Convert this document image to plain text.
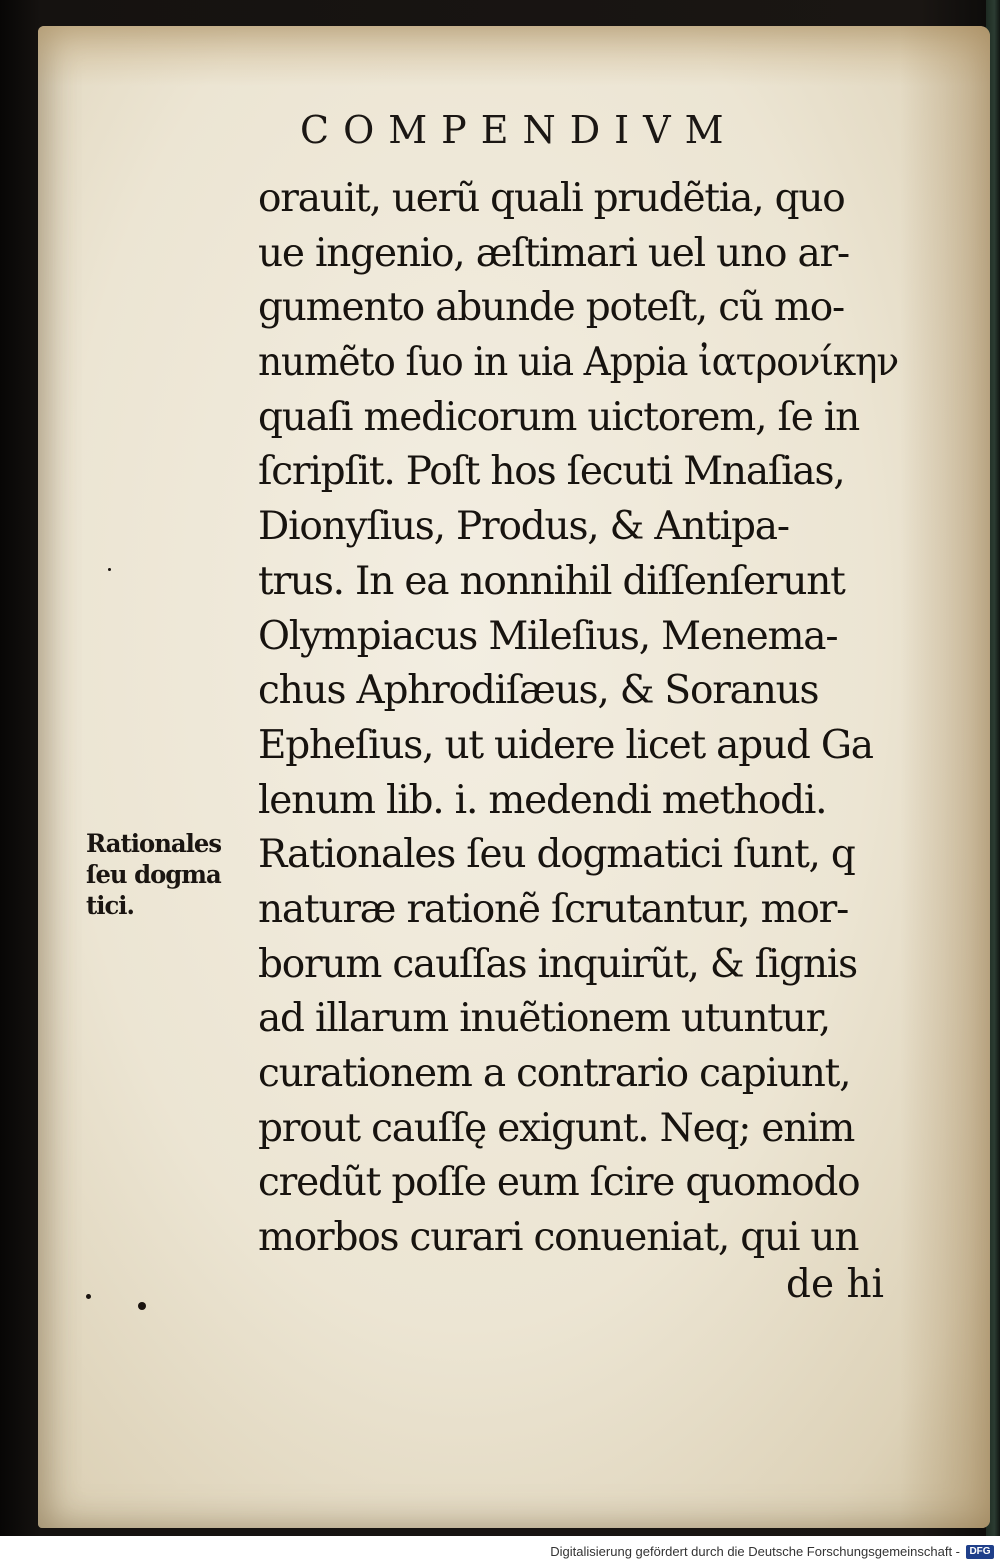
COMPENDIVM
orauit, uerũ quali prudẽtia, quo
ue ingenio, æſtimari uel uno ar-
gumento abunde poteſt, cũ mo-
numẽto ſuo in uia Appia ἰατρονίκην
quaſi medicorum uictorem, ſe in
ſcripſit. Poſt hos ſecuti Mnaſias,
Dionyſius, Produs, & Antipa-
trus. In ea nonnihil diſſenſerunt
Olympiacus Mileſius, Menema-
chus Aphrodiſæus, & Soranus
Epheſius, ut uidere licet apud Ga
lenum lib. i. medendi methodi.
Rationales ſeu dogmatici ſunt, q
naturæ rationẽ ſcrutantur, mor-
borum cauſſas inquirũt, & ſignis
ad illarum inuẽtionem utuntur,
curationem a contrario capiunt,
prout cauſſę exigunt. Neq; enim
credũt poſſe eum ſcire quomodo
morbos curari conueniat, qui un
Rationales
ſeu dogma
tici.
de hi
Digitalisierung gefördert durch die Deutsche Forschungsgemeinschaft - DFG
